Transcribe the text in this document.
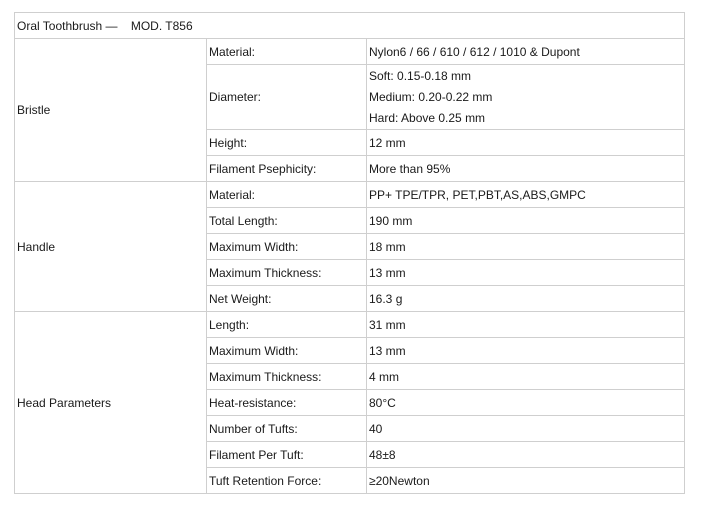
Oral Toothbrush — MOD. T856		
Bristle	Material:	Nylon6 / 66 / 610 / 612 / 1010 & Dupont
	Diameter:	Soft: 0.15-0.18 mm
Medium: 0.20-0.22 mm
Hard: Above 0.25 mm

	Height:	12 mm
	Filament Psephicity:	More than 95%
Handle	Material:	PP+ TPE/TPR, PET,PBT,AS,ABS,GMPC
	Total Length:	190 mm
	Maximum Width:	18 mm
	Maximum Thickness:	13 mm
	Net Weight:	16.3 g
Head Parameters	Length:	31 mm
	Maximum Width:	13 mm
	Maximum Thickness:	4 mm
	Heat-resistance:	80°C
	Number of Tufts:	40
	Filament Per Tuft:	48±8
	Tuft Retention Force:	≥20Newton
